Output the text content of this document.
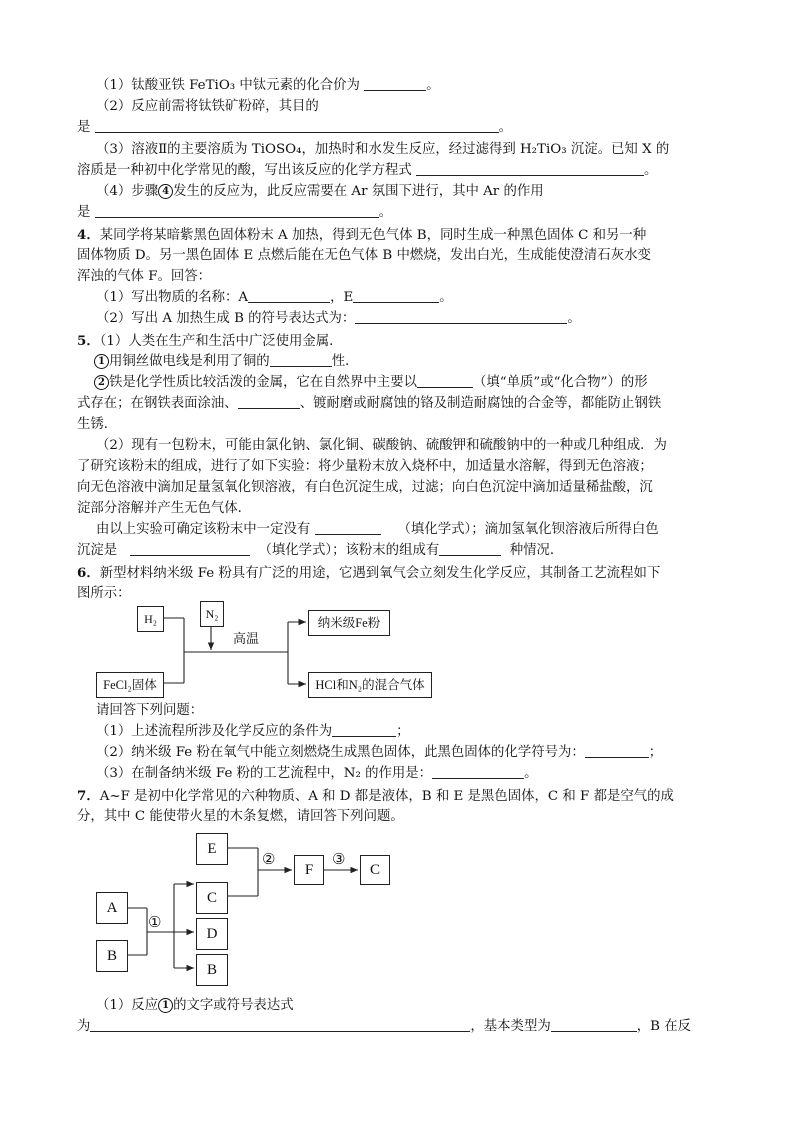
（1）钛酸亚铁 FeTiO₃ 中钛元素的化合价为	。
（2）反应前需将钛铁矿粉碎，其目的
是	。
（3）溶液Ⅱ的主要溶质为 TiOSO₄，加热时和水发生反应，经过滤得到 H₂TiO₃ 沉淀。已知 X 的
溶质是一种初中化学常见的酸，写出该反应的化学方程式	。
（4）步骤 4 发生的反应为，此反应需要在 Ar 氛围下进行，其中 Ar 的作用
是	。
4．某同学将某暗紫黑色固体粉末 A 加热，得到无色气体 B，同时生成一种黑色固体 C 和另一种
固体物质 D。另一黑色固体 E 点燃后能在无色气体 B 中燃烧，发出白光，生成能使澄清石灰水变
浑浊的气体 F。回答：
（1）写出物质的名称：A	，E	。
（2）写出 A 加热生成 B 的符号表达式为：	。
5．（1）人类在生产和生活中广泛使用金属．
1 用铜丝做电线是利用了铜的	性．
2 铁是化学性质比较活泼的金属，它在自然界中主要以	（填“单质”或“化合物”）的形
式存在；在钢铁表面涂油、	、镀耐磨或耐腐蚀的铬及制造耐腐蚀的合金等，都能防止钢铁
生锈．
（2）现有一包粉末，可能由氯化钠、氯化铜、碳酸钠、硫酸钾和硫酸钠中的一种或几种组成．为
了研究该粉末的组成，进行了如下实验：将少量粉末放入烧杯中，加适量水溶解，得到无色溶液；
向无色溶液中滴加足量氢氧化钡溶液，有白色沉淀生成，过滤；向白色沉淀中滴加适量稀盐酸，沉
淀部分溶解并产生无色气体．
由以上实验可确定该粉末中一定没有	（填化学式）；滴加氢氧化钡溶液后所得白色
沉淀是	（填化学式）；该粉末的组成有	种情况．
6．新型材料纳米级 Fe 粉具有广泛的用途，它遇到氧气会立刻发生化学反应，其制备工艺流程如下
图所示：
H₂	N₂
FeCl₂固体
高温
纳米级Fe粉
HCl和N₂的混合气体
请回答下列问题：
（1）上述流程所涉及化学反应的条件为	；
（2）纳米级 Fe 粉在氧气中能立刻燃烧生成黑色固体，此黑色固体的化学符号为：	；
（3）在制备纳米级 Fe 粉的工艺流程中，N₂ 的作用是：	。
7．A~F 是初中化学常见的六种物质、A 和 D 都是液体，B 和 E 是黑色固体，C 和 F 都是空气的成
分，其中 C 能使带火星的木条复燃，请回答下列问题。
A
B
①
E
C
D
B
②
F
③
C
（1）反应 1 的文字或符号表达式
为	，基本类型为	，B 在反
